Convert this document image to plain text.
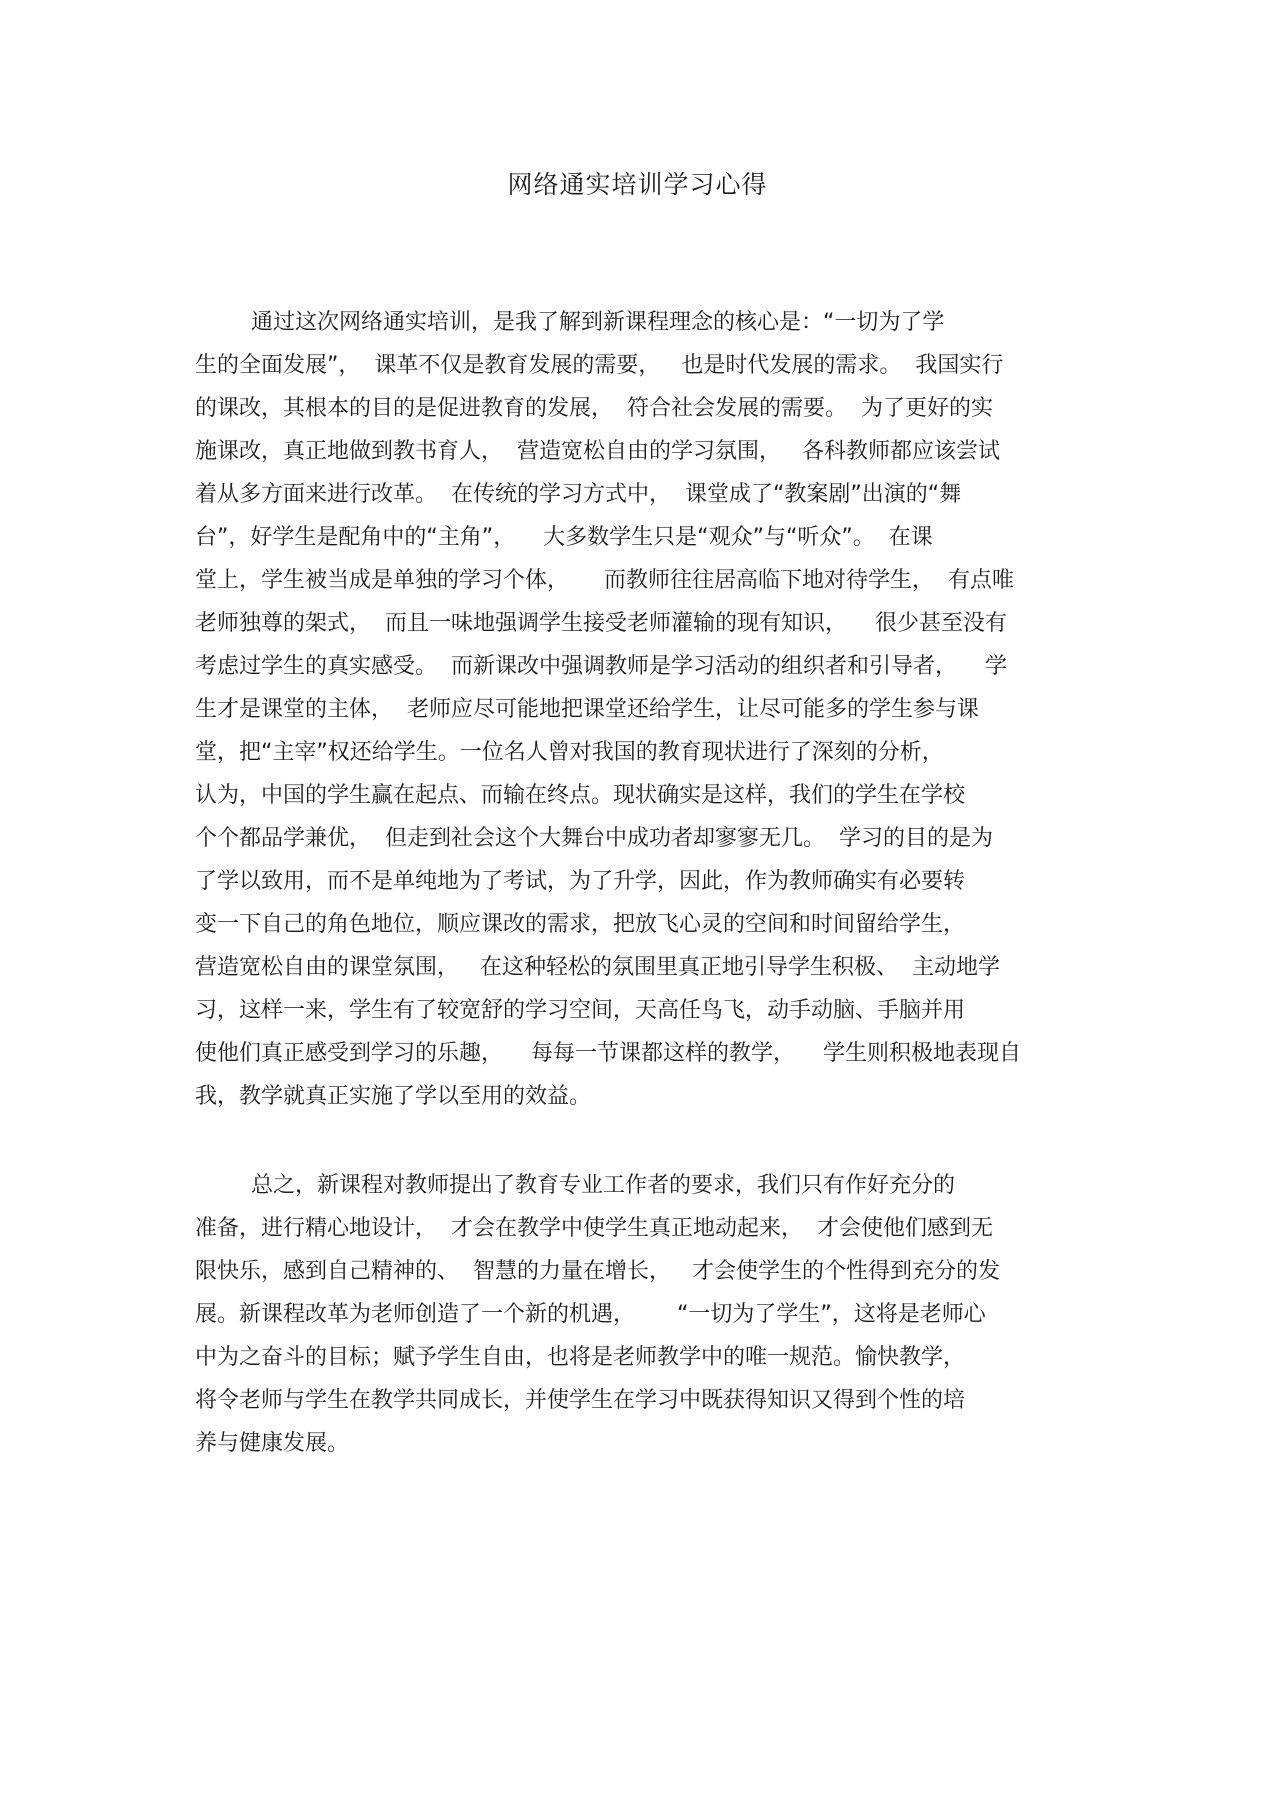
网络通实培训学习心得
通过这次网络通实培训，是我了解到新课程理念的核心是：“一切为了学
生的全面发展”，  课革不仅是教育发展的需要，   也是时代发展的需求。  我国实行
的课改，其根本的目的是促进教育的发展，  符合社会发展的需要。  为了更好的实
施课改，真正地做到教书育人，  营造宽松自由的学习氛围，   各科教师都应该尝试
着从多方面来进行改革。  在传统的学习方式中，  课堂成了“教案剧”出演的“舞
台”，好学生是配角中的“主角”，    大多数学生只是“观众”与“听众”。  在课
堂上，学生被当成是单独的学习个体，     而教师往往居高临下地对待学生，  有点唯
老师独尊的架式，  而且一味地强调学生接受老师灌输的现有知识，    很少甚至没有
考虑过学生的真实感受。  而新课改中强调教师是学习活动的组织者和引导者，    学
生才是课堂的主体，  老师应尽可能地把课堂还给学生，让尽可能多的学生参与课
堂，把“主宰”权还给学生。一位名人曾对我国的教育现状进行了深刻的分析，
认为，中国的学生赢在起点、而输在终点。现状确实是这样，我们的学生在学校
个个都品学兼优，  但走到社会这个大舞台中成功者却寥寥无几。  学习的目的是为
了学以致用，而不是单纯地为了考试，为了升学，因此，作为教师确实有必要转
变一下自己的角色地位，顺应课改的需求，把放飞心灵的空间和时间留给学生，
营造宽松自由的课堂氛围，   在这种轻松的氛围里真正地引导学生积极、  主动地学
习，这样一来，学生有了较宽舒的学习空间，天高任鸟飞，动手动脑、手脑并用
使他们真正感受到学习的乐趣，    每每一节课都这样的教学，    学生则积极地表现自
我，教学就真正实施了学以至用的效益。
总之，新课程对教师提出了教育专业工作者的要求，我们只有作好充分的
准备，进行精心地设计，  才会在教学中使学生真正地动起来，  才会使他们感到无
限快乐，感到自己精神的、  智慧的力量在增长，   才会使学生的个性得到充分的发
展。新课程改革为老师创造了一个新的机遇，      “一切为了学生”，这将是老师心
中为之奋斗的目标；赋予学生自由，也将是老师教学中的唯一规范。愉快教学，
将令老师与学生在教学共同成长，并使学生在学习中既获得知识又得到个性的培
养与健康发展。
